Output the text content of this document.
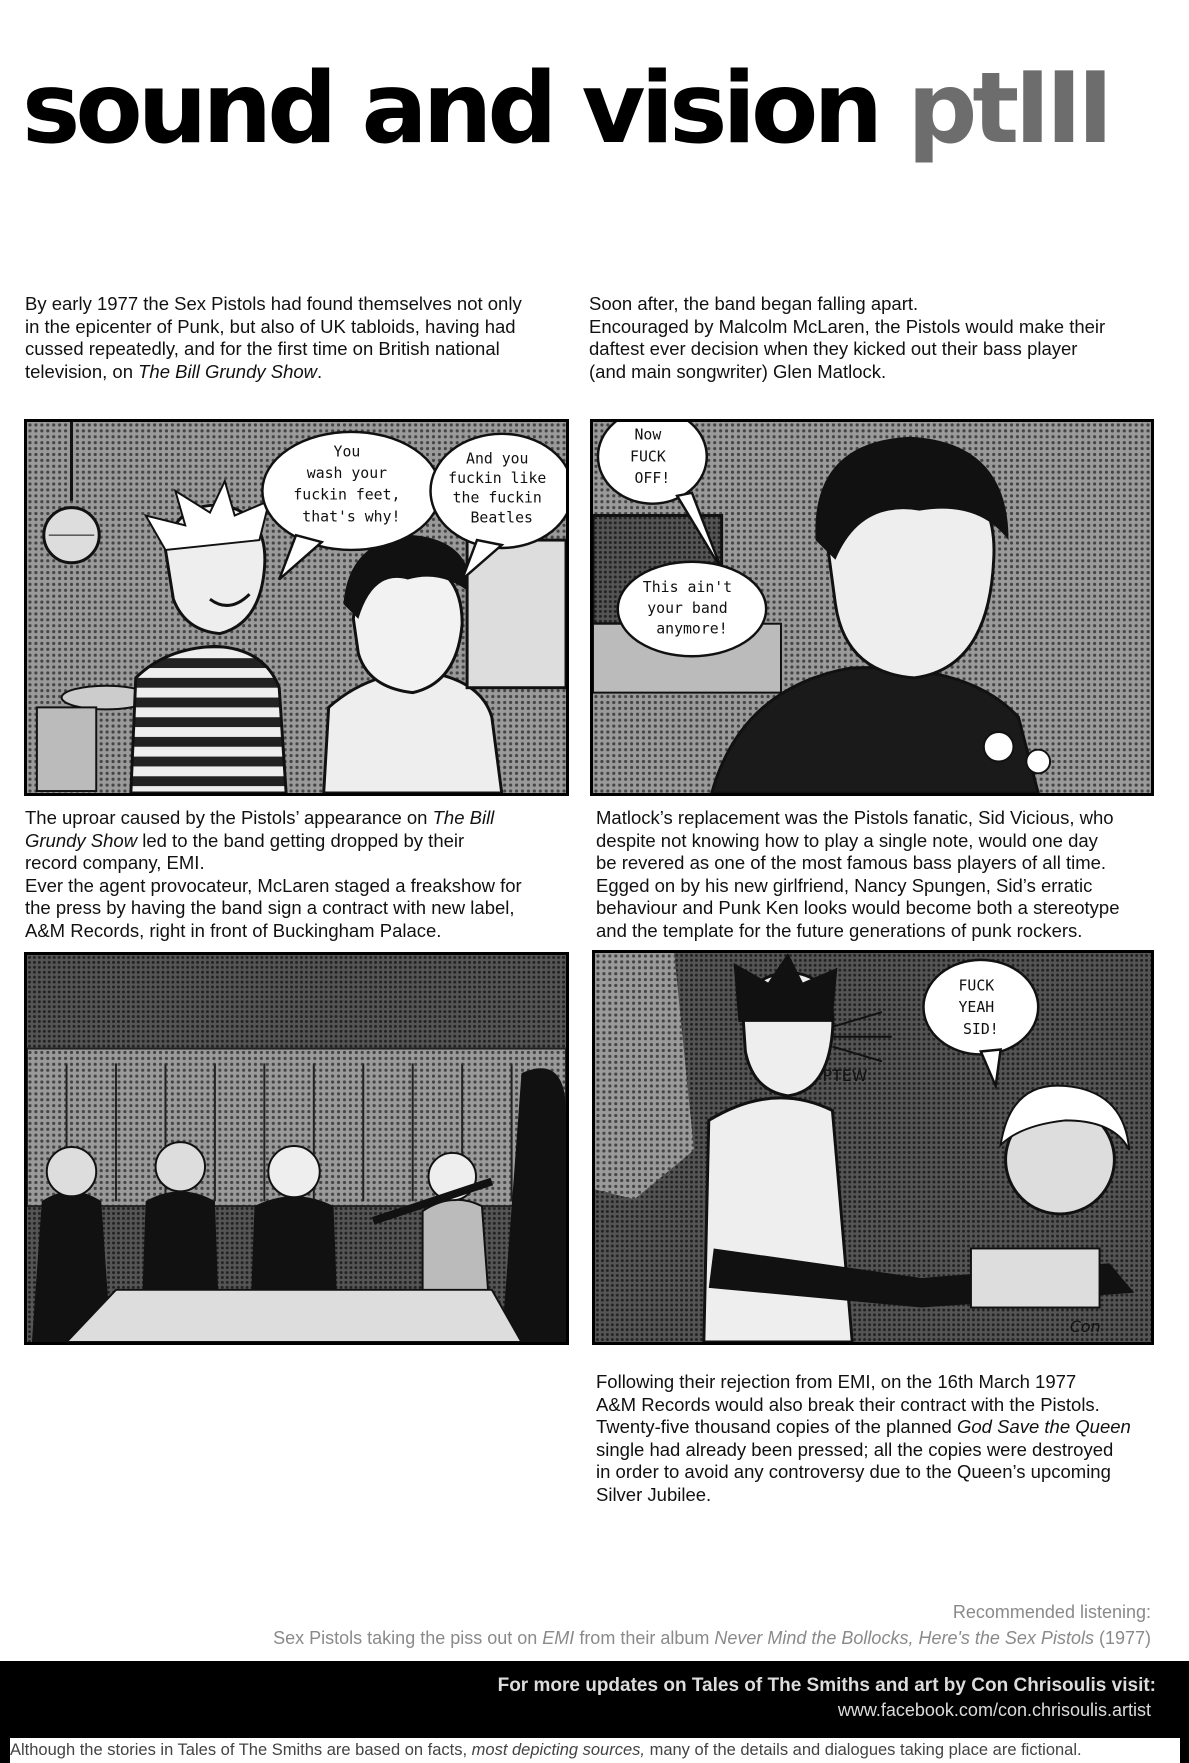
sound and vision ptIII
By early 1977 the Sex Pistols had found themselves not only
in the epicenter of Punk, but also of UK tabloids, having had
cussed repeatedly, and for the first time on British national
television, on The Bill Grundy Show.
Soon after, the band began falling apart.
Encouraged by Malcolm McLaren, the Pistols would make their
daftest ever decision when they kicked out their bass player
(and main songwriter) Glen Matlock.
You wash your fuckin feet, that's why!
And you fuckin like the fuckin Beatles
Now FUCK OFF!
This ain't your band anymore!
The uproar caused by the Pistols’ appearance on The Bill
Grundy Show led to the band getting dropped by their
record company, EMI.
Ever the agent provocateur, McLaren staged a freakshow for
the press by having the band sign a contract with new label,
A&M Records, right in front of Buckingham Palace.
Matlock’s replacement was the Pistols fanatic, Sid Vicious, who
despite not knowing how to play a single note, would one day
be revered as one of the most famous bass players of all time.
Egged on by his new girlfriend, Nancy Spungen, Sid’s erratic
behaviour and Punk Ken looks would become both a stereotype
and the template for the future generations of punk rockers.
FUCK YEAH SID!
PTEW
Con
Following their rejection from EMI, on the 16th March 1977
A&M Records would also break their contract with the Pistols.
Twenty-five thousand copies of the planned God Save the Queen
single had already been pressed; all the copies were destroyed
in order to avoid any controversy due to the Queen’s upcoming
Silver Jubilee.
Recommended listening:
Sex Pistols taking the piss out on EMI from their album Never Mind the Bollocks, Here's the Sex Pistols (1977)
For more updates on Tales of The Smiths and art by Con Chrisoulis visit:
www.facebook.com/con.chrisoulis.artist
Although the stories in Tales of The Smiths are based on facts, most depicting sources, many of the details and dialogues taking place are fictional.
